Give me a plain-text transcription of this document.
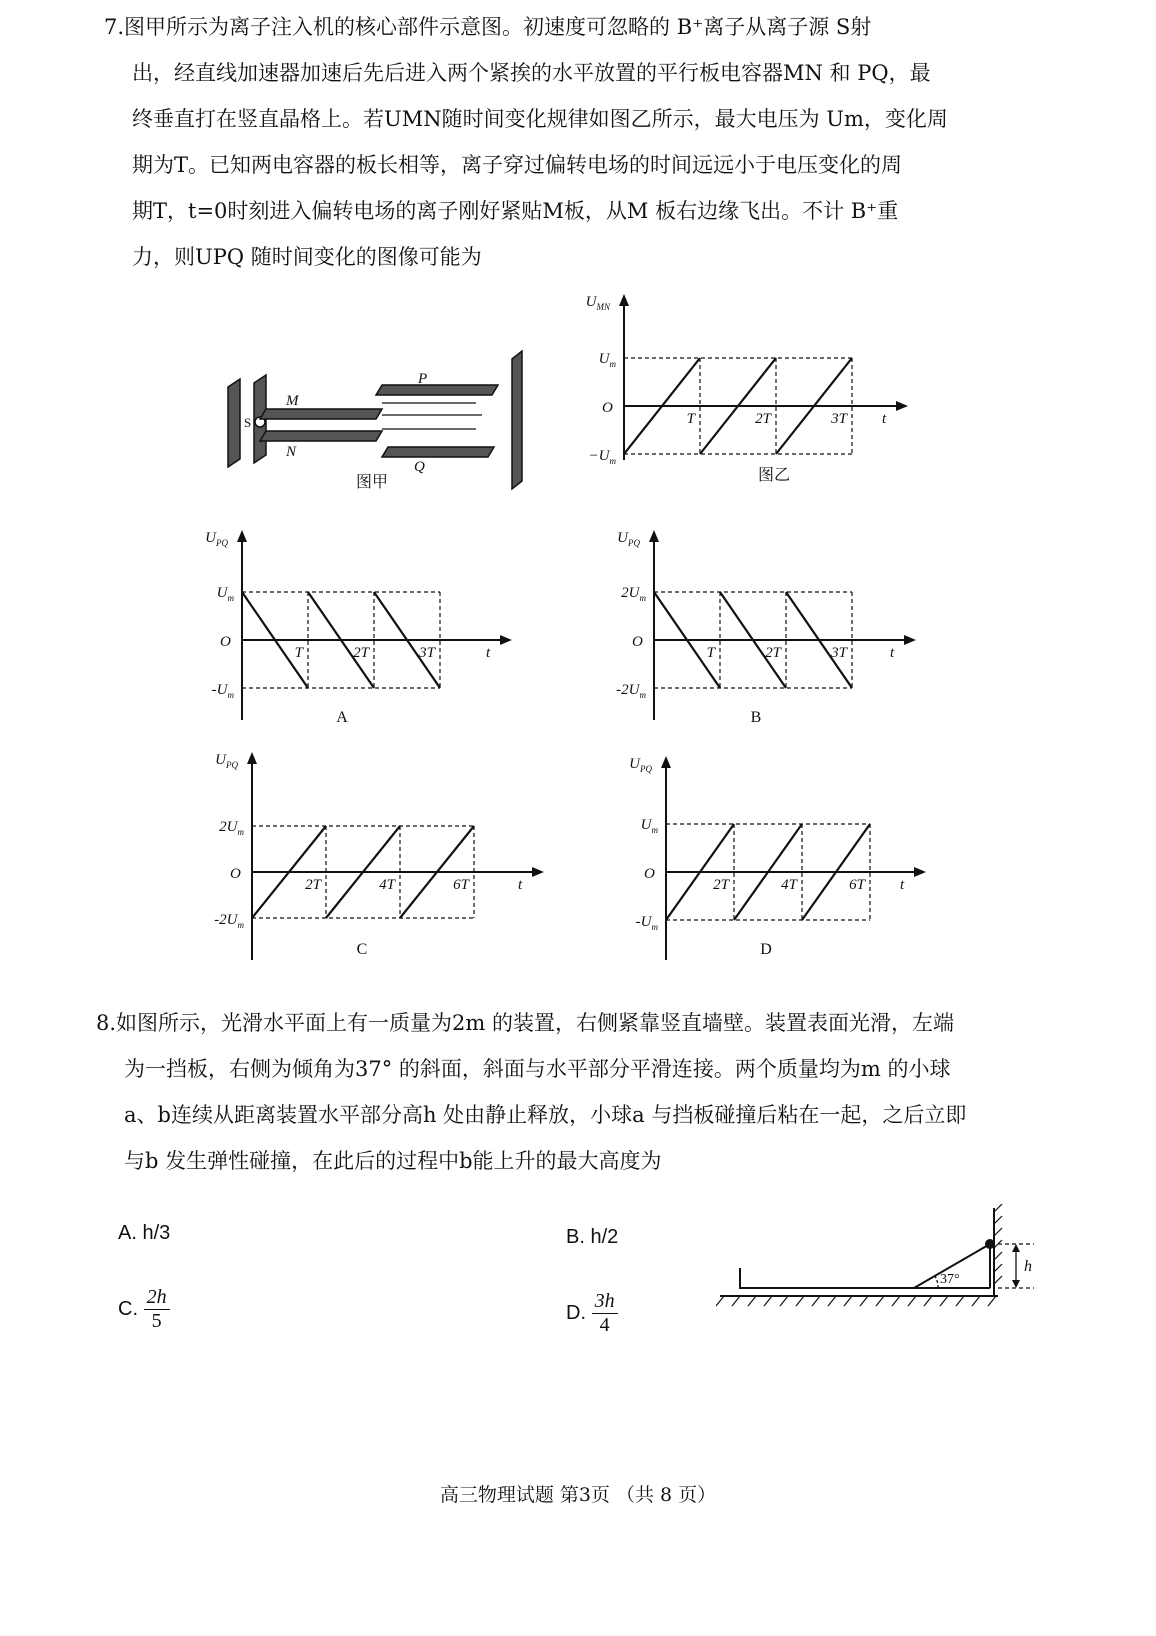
7.图甲所示为离子注入机的核心部件示意图。初速度可忽略的 B⁺离子从离子源 S射
出，经直线加速器加速后先后进入两个紧挨的水平放置的平行板电容器MN 和 PQ，最
终垂直打在竖直晶格上。若UMN随时间变化规律如图乙所示，最大电压为 Um，变化周
期为T。已知两电容器的板长相等，离子穿过偏转电场的时间远远小于电压变化的周
期T，t=0时刻进入偏转电场的离子刚好紧贴M板，从M 板右边缘飞出。不计 B⁺重
力，则UPQ 随时间变化的图像可能为
S
M
N
P
Q
图甲
$U_{MN}$
$U_m$
$-U_m$
O
T	2T	3T t
图乙
$U_{PQ}$
$U_m$
$-U_m$
O
T	2T	3T	t
A
$U_{PQ}$
$2U_m$
$-2U_m$
O
T	2T	3T	t
B
$U_{PQ}$
$2U_m$
$-2U_m$
O
2T	4T	6T	t
C
$U_{PQ}$
$U_m$
$-U_m$
O
2T	4T	6T t
D
8.如图所示，光滑水平面上有一质量为2m 的装置，右侧紧靠竖直墙壁。装置表面光滑，左端
为一挡板，右侧为倾角为37° 的斜面，斜面与水平部分平滑连接。两个质量均为m 的小球
a、b连续从距离装置水平部分高h 处由静止释放，小球a 与挡板碰撞后粘在一起，之后立即
与b 发生弹性碰撞，在此后的过程中b能上升的最大高度为
A. h/3	B. h/2
C. $\frac{2h}{5}$	D. $\frac{3h}{4}$
37°
h
高三物理试题 第3页 （共 8 页）
